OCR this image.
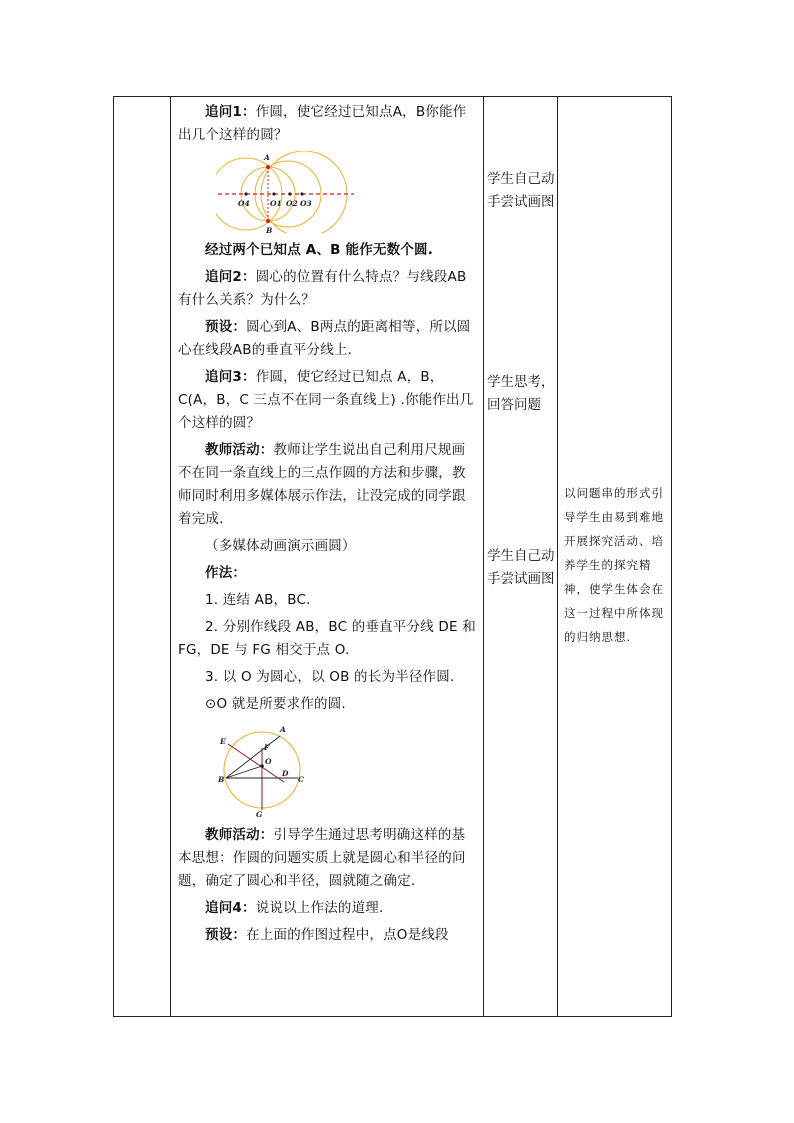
追问1：作圆，使它经过已知点A，B你能作出几个这样的圆？

A
B
O4	O1 O2 O3

经过两个已知点 A、B 能作无数个圆.

追问2：圆心的位置有什么特点？与线段AB有什么关系？为什么？

预设：圆心到A、B两点的距离相等，所以圆心在线段AB的垂直平分线上.

追问3：作圆，使它经过已知点 A，B，C(A，B，C 三点不在同一条直线上) .你能作出几个这样的圆？

教师活动：教师让学生说出自己利用尺规画不在同一条直线上的三点作圆的方法和步骤，教师同时利用多媒体展示作法，让没完成的同学跟着完成.

（多媒体动画演示画圆）

作法：

1. 连结 AB，BC.

2. 分别作线段 AB，BC 的垂直平分线 DE 和 FG，DE 与 FG 相交于点 O.

3. 以 O 为圆心，以 OB 的长为半径作圆.

⊙O 就是所要求作的圆.

A
B	C
D
E
F
G
O

教师活动：引导学生通过思考明确这样的基本思想：作圆的问题实质上就是圆心和半径的问题，确定了圆心和半径，圆就随之确定.

追问4：说说以上作法的道理.

预设：在上面的作图过程中，点O是线段

学生自己动手尝试画图
学生思考，回答问题
学生自己动手尝试画图
以问题串的形式引导学生由易到难地开展探究活动、培养学生的探究精神，使学生体会在这一过程中所体现的归纳思想.
